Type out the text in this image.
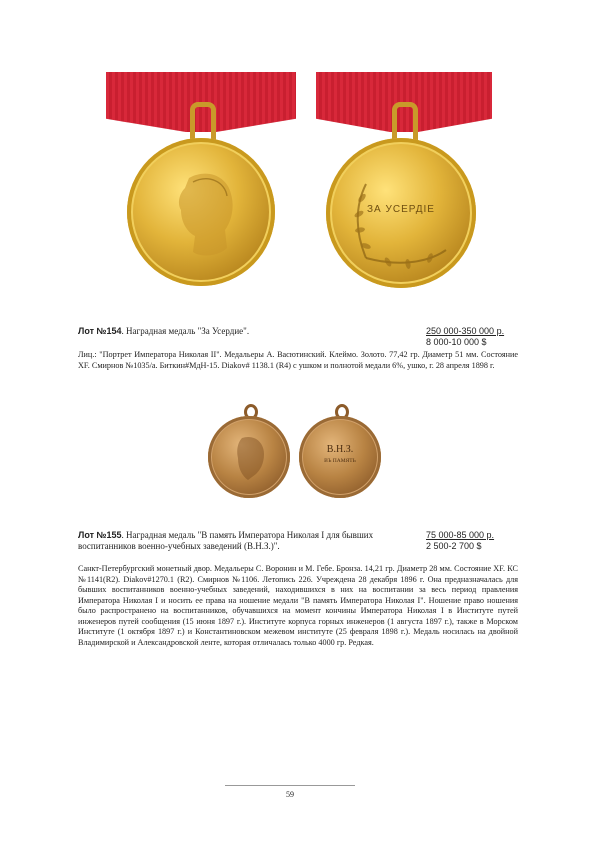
ЗА УСЕРДІЕ
Лот №154. Наградная медаль "За Усердие".	250 000-350 000 р.
8 000-10 000 $
Лиц.: "Портрет Императора Николая II". Медальеры А. Васютинский. Клеймо. Золото. 77,42 гр. Диаметр 51 мм. Состояние XF. Смирнов №1035/а. Биткин#МдН-15. Diakov# 1138.1 (R4) с ушком и полнотой медали 6%, ушко, г. 28 апреля 1898 г.
В.Н.З.
ВЪ ПАМЯТЬ
Лот №155. Наградная медаль "В память Императора Николая I для бывших воспитанников военно-учебных заведений (В.Н.З.)".
75 000-85 000 р.
2 500-2 700 $
Санкт-Петербургский монетный двор. Медальеры С. Воронин и М. Гебе. Бронза. 14,21 гр. Диаметр 28 мм. Состояние XF. КС №1141(R2). Diakov#1270.1 (R2). Смирнов №1106. Летопись 226. Учреждена 28 декабря 1896 г. Она предназначалась для бывших воспитанников военно-учебных заведений, находившихся в них на воспитании за весь период правления Императора Николая I и носить ее права на ношение медали "В память Императора Николая I". Ношение право ношения было распространено на воспитанников, обучавшихся на момент кончины Императора Николая I в Институте путей инженеров путей сообщения (15 июня 1897 г.). Институте корпуса горных инженеров (1 августа 1897 г.), также в Морском Институте (1 октября 1897 г.) и Константиновском межевом институте (25 февраля 1898 г.). Медаль носилась на двойной Владимирской и Александровской ленте, которая отличалась только 4000 гр. Редкая.
59
